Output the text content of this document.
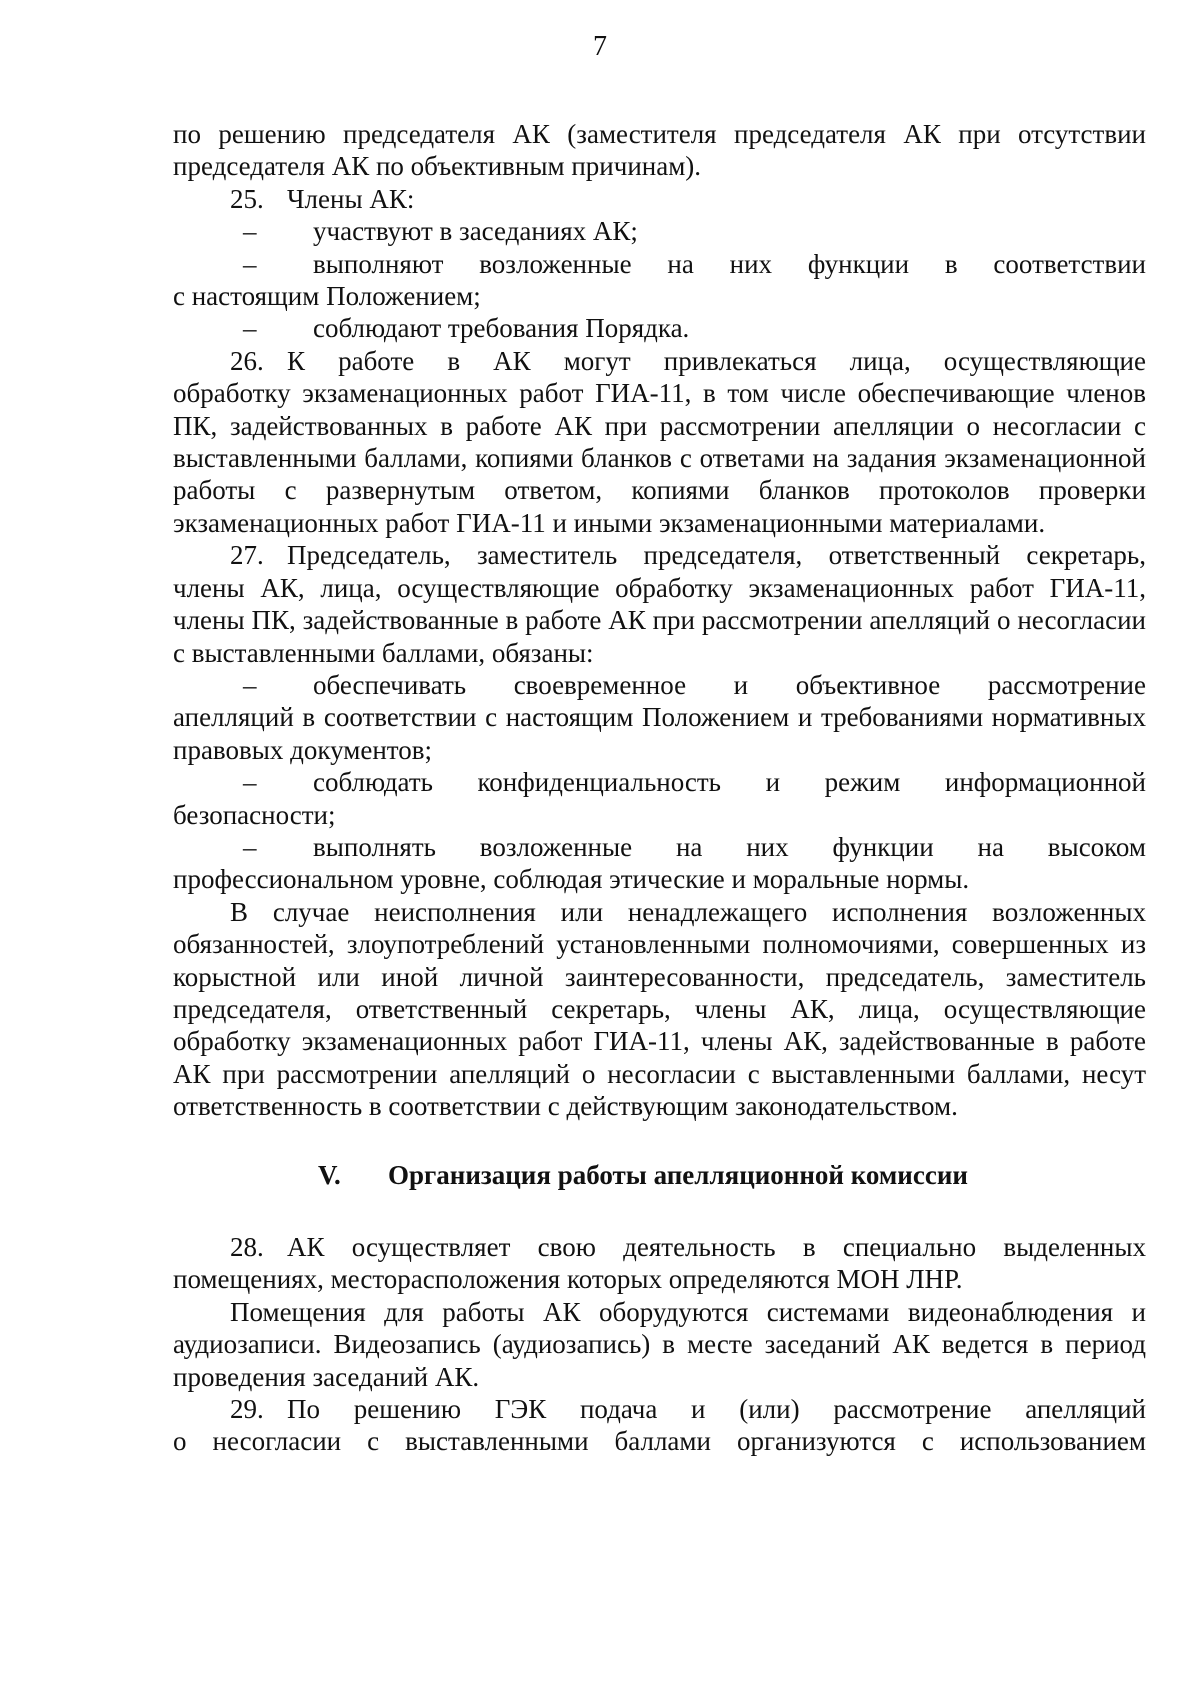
7

по решению председателя АК (заместителя председателя АК при отсутствии председателя АК по объективным причинам).

25. Члены АК:
–	участвуют в заседаниях АК;
–	выполняют возложенные на них функции в соответствии

с настоящим Положением;

–	соблюдают требования Порядка.
26. К работе в АК могут привлекаться лица, осуществляющие

обработку экзаменационных работ ГИА-11, в том числе обеспечивающие членов ПК, задействованных в работе АК при рассмотрении апелляции о несогласии с выставленными баллами, копиями бланков с ответами на задания экзаменационной работы с развернутым ответом, копиями бланков протоколов проверки экзаменационных работ ГИА-11 и иными экзаменационными материалами.

27. Председатель, заместитель председателя, ответственный секретарь,

члены АК, лица, осуществляющие обработку экзаменационных работ ГИА-11, члены ПК, задействованные в работе АК при рассмотрении апелляций о несогласии с выставленными баллами, обязаны:

–	обеспечивать своевременное и объективное рассмотрение

апелляций в соответствии с настоящим Положением и требованиями нормативных правовых документов;

–	соблюдать конфиденциальность и режим информационной

безопасности;

–	выполнять возложенные на них функции на высоком

профессиональном уровне, соблюдая этические и моральные нормы.

В случае неисполнения или ненадлежащего исполнения возложенных обязанностей, злоупотреблений установленными полномочиями, совершенных из корыстной или иной личной заинтересованности, председатель, заместитель председателя, ответственный секретарь, члены АК, лица, осуществляющие обработку экзаменационных работ ГИА-11, члены АК, задействованные в работе АК при рассмотрении апелляций о несогласии с выставленными баллами, несут ответственность в соответствии с действующим законодательством.

V.	Организация работы апелляционной комиссии
28. АК осуществляет свою деятельность в специально выделенных

помещениях, месторасположения которых определяются МОН ЛНР.

Помещения для работы АК оборудуются системами видеонаблюдения и аудиозаписи. Видеозапись (аудиозапись) в месте заседаний АК ведется в период проведения заседаний АК.

29. По решению ГЭК подача и (или) рассмотрение апелляций

о несогласии с выставленными баллами организуются с использованием
